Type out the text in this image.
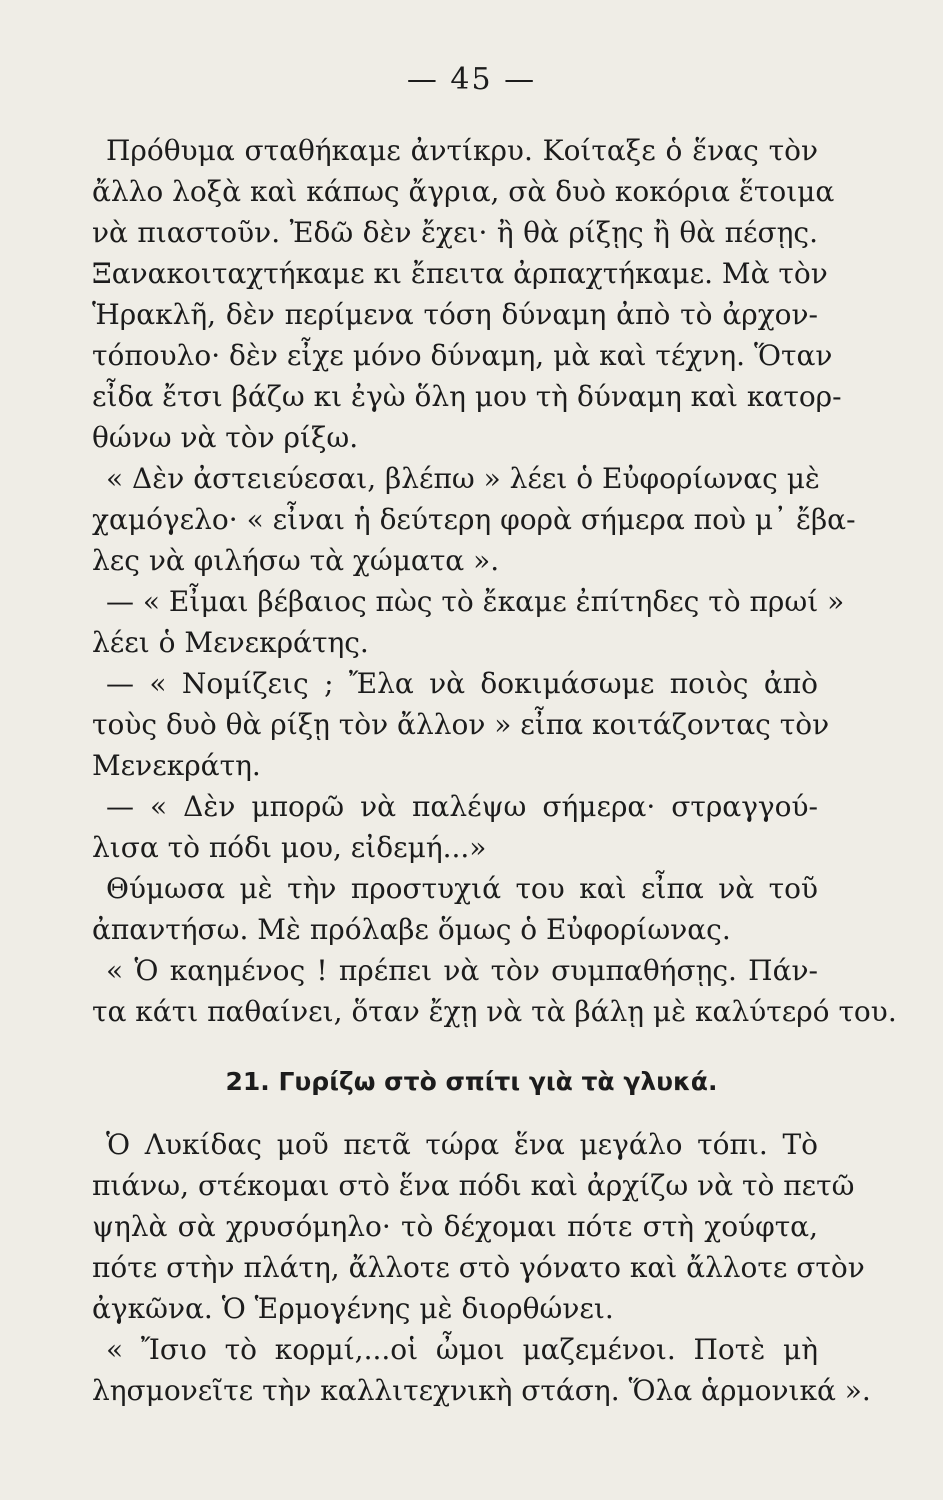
— 45 —
Πρόθυμα σταθήκαμε ἀντίκρυ. Κοίταξε ὁ ἕνας τὸν
ἄλλο λοξὰ καὶ κάπως ἄγρια, σὰ δυὸ κοκόρια ἕτοιμα
νὰ πιαστοῦν. Ἐδῶ δὲν ἔχει· ἢ θὰ ρίξῃς ἢ θὰ πέσῃς.
Ξανακοιταχτήκαμε κι ἔπειτα ἀρπαχτήκαμε. Μὰ τὸν
Ἡρακλῆ, δὲν περίμενα τόση δύναμη ἀπὸ τὸ ἀρχον-
τόπουλο· δὲν εἶχε μόνο δύναμη, μὰ καὶ τέχνη. Ὅταν
εἶδα ἔτσι βάζω κι ἐγὼ ὅλη μου τὴ δύναμη καὶ κατορ-
θώνω νὰ τὸν ρίξω.
« Δὲν ἀστειεύεσαι, βλέπω » λέει ὁ Εὐφορίωνας μὲ
χαμόγελο· « εἶναι ἡ δεύτερη φορὰ σήμερα ποὺ μ᾿ ἔβα-
λες νὰ φιλήσω τὰ χώματα ».
— « Εἶμαι βέβαιος πὼς τὸ ἔκαμε ἐπίτηδες τὸ πρωί »
λέει ὁ Μενεκράτης.
— « Νομίζεις ; Ἔλα νὰ δοκιμάσωμε ποιὸς ἀπὸ
τοὺς δυὸ θὰ ρίξῃ τὸν ἄλλον » εἶπα κοιτάζοντας τὸν
Μενεκράτη.
— « Δὲν μπορῶ νὰ παλέψω σήμερα· στραγγού-
λισα τὸ πόδι μου, εἰδεμή...»
Θύμωσα μὲ τὴν προστυχιά του καὶ εἶπα νὰ τοῦ
ἀπαντήσω. Μὲ πρόλαβε ὅμως ὁ Εὐφορίωνας.
« Ὁ καημένος ! πρέπει νὰ τὸν συμπαθήσῃς. Πάν-
τα κάτι παθαίνει, ὅταν ἔχῃ νὰ τὰ βάλῃ μὲ καλύτερό του.
21. Γυρίζω στὸ σπίτι γιὰ τὰ γλυκά.
Ὁ Λυκίδας μοῦ πετᾶ τώρα ἕνα μεγάλο τόπι. Τὸ
πιάνω, στέκομαι στὸ ἕνα πόδι καὶ ἀρχίζω νὰ τὸ πετῶ
ψηλὰ σὰ χρυσόμηλο· τὸ δέχομαι πότε στὴ χούφτα,
πότε στὴν πλάτη, ἄλλοτε στὸ γόνατο καὶ ἄλλοτε στὸν
ἀγκῶνα. Ὁ Ἑρμογένης μὲ διορθώνει.
« Ἴσιο τὸ κορμί,...οἱ ὦμοι μαζεμένοι. Ποτὲ μὴ
λησμονεῖτε τὴν καλλιτεχνικὴ στάση. Ὅλα ἁρμονικά ».
